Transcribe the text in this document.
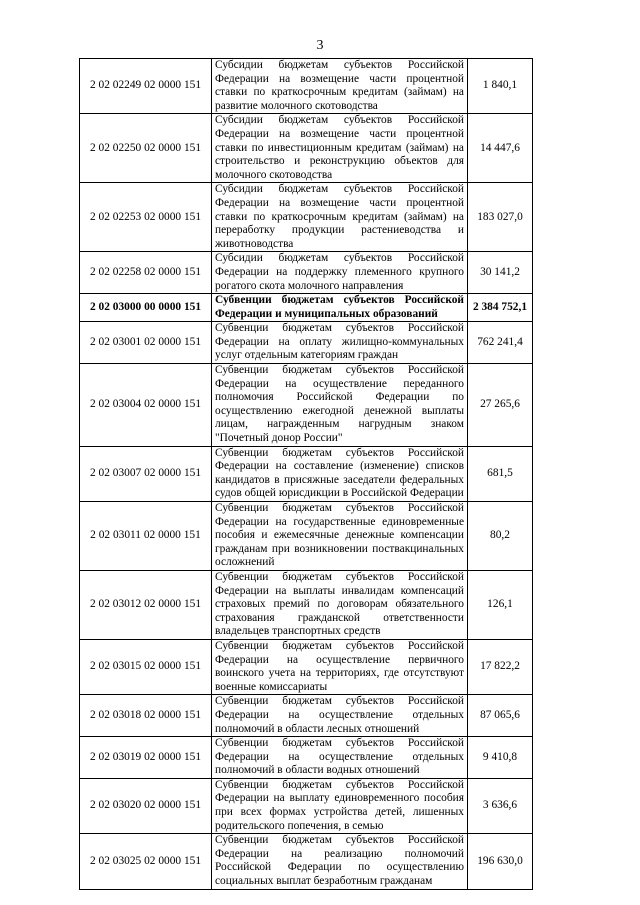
3
2 02 02249 02 0000 151	Субсидии бюджетам субъектов Российской Федерации на возмещение части процентной ставки по краткосрочным кредитам (займам) на развитие молочного скотоводства	1 840,1
2 02 02250 02 0000 151	Субсидии бюджетам субъектов Российской Федерации на возмещение части процентной ставки по инвестиционным кредитам (займам) на строительство и реконструкцию объектов для молочного скотоводства	14 447,6
2 02 02253 02 0000 151	Субсидии бюджетам субъектов Российской Федерации на возмещение части процентной ставки по краткосрочным кредитам (займам) на переработку продукции растениеводства и животноводства	183 027,0
2 02 02258 02 0000 151	Субсидии бюджетам субъектов Российской Федерации на поддержку племенного крупного рогатого скота молочного направления	30 141,2
2 02 03000 00 0000 151	Субвенции бюджетам субъектов Российской Федерации и муниципальных образований	2 384 752,1
2 02 03001 02 0000 151	Субвенции бюджетам субъектов Российской Федерации на оплату жилищно-коммунальных услуг отдельным категориям граждан	762 241,4
2 02 03004 02 0000 151	Субвенции бюджетам субъектов Российской Федерации на осуществление переданного полномочия Российской Федерации по осуществлению ежегодной денежной выплаты лицам, награжденным нагрудным знаком "Почетный донор России"	27 265,6
2 02 03007 02 0000 151	Субвенции бюджетам субъектов Российской Федерации на составление (изменение) списков кандидатов в присяжные заседатели федеральных судов общей юрисдикции в Российской Федерации	681,5
2 02 03011 02 0000 151	Субвенции бюджетам субъектов Российской Федерации на государственные единовременные пособия и ежемесячные денежные компенсации гражданам при возникновении поствакцинальных осложнений	80,2
2 02 03012 02 0000 151	Субвенции бюджетам субъектов Российской Федерации на выплаты инвалидам компенсаций страховых премий по договорам обязательного страхования гражданской ответственности владельцев транспортных средств	126,1
2 02 03015 02 0000 151	Субвенции бюджетам субъектов Российской Федерации на осуществление первичного воинского учета на территориях, где отсутствуют военные комиссариаты	17 822,2
2 02 03018 02 0000 151	Субвенции бюджетам субъектов Российской Федерации на осуществление отдельных полномочий в области лесных отношений	87 065,6
2 02 03019 02 0000 151	Субвенции бюджетам субъектов Российской Федерации на осуществление отдельных полномочий в области водных отношений	9 410,8
2 02 03020 02 0000 151	Субвенции бюджетам субъектов Российской Федерации на выплату единовременного пособия при всех формах устройства детей, лишенных родительского попечения, в семью	3 636,6
2 02 03025 02 0000 151	Субвенции бюджетам субъектов Российской Федерации на реализацию полномочий Российской Федерации по осуществлению социальных выплат безработным гражданам	196 630,0
